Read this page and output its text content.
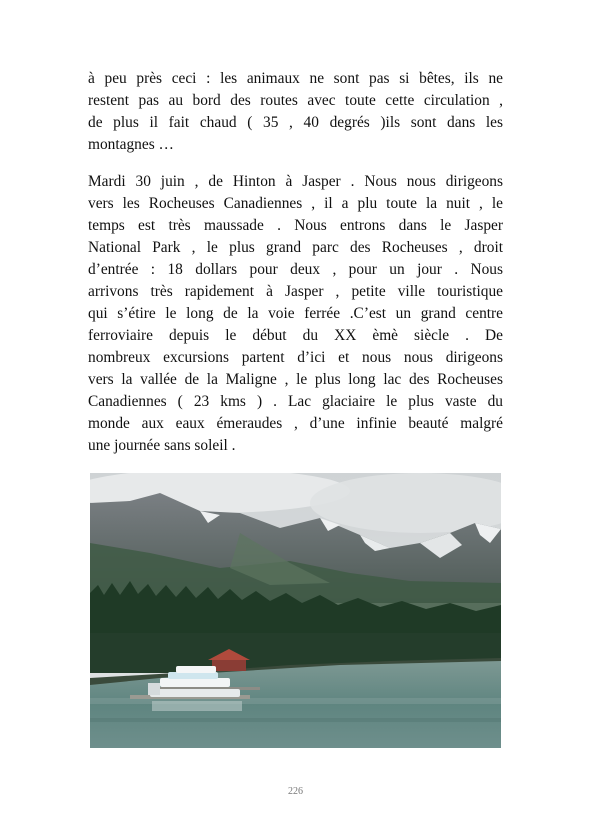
à peu près ceci : les animaux ne sont pas si bêtes, ils ne
restent pas au bord des routes avec toute cette circulation ,
de plus il fait chaud ( 35 , 40 degrés )ils sont dans les
montagnes …
Mardi 30 juin , de Hinton à Jasper . Nous nous dirigeons
vers les Rocheuses Canadiennes , il a plu toute la nuit , le
temps est très maussade . Nous entrons dans le Jasper
National Park , le plus grand parc des Rocheuses , droit
d’entrée : 18 dollars pour deux , pour un jour . Nous
arrivons très rapidement à Jasper , petite ville touristique
qui s’étire le long de la voie ferrée .C’est un grand centre
ferroviaire depuis le début du XX èmè siècle . De
nombreux excursions partent d’ici et nous nous dirigeons
vers la vallée de la Maligne , le plus long lac des Rocheuses
Canadiennes ( 23 kms ) . Lac glaciaire le plus vaste du
monde aux eaux émeraudes , d’une infinie beauté malgré
une journée sans soleil .
226
